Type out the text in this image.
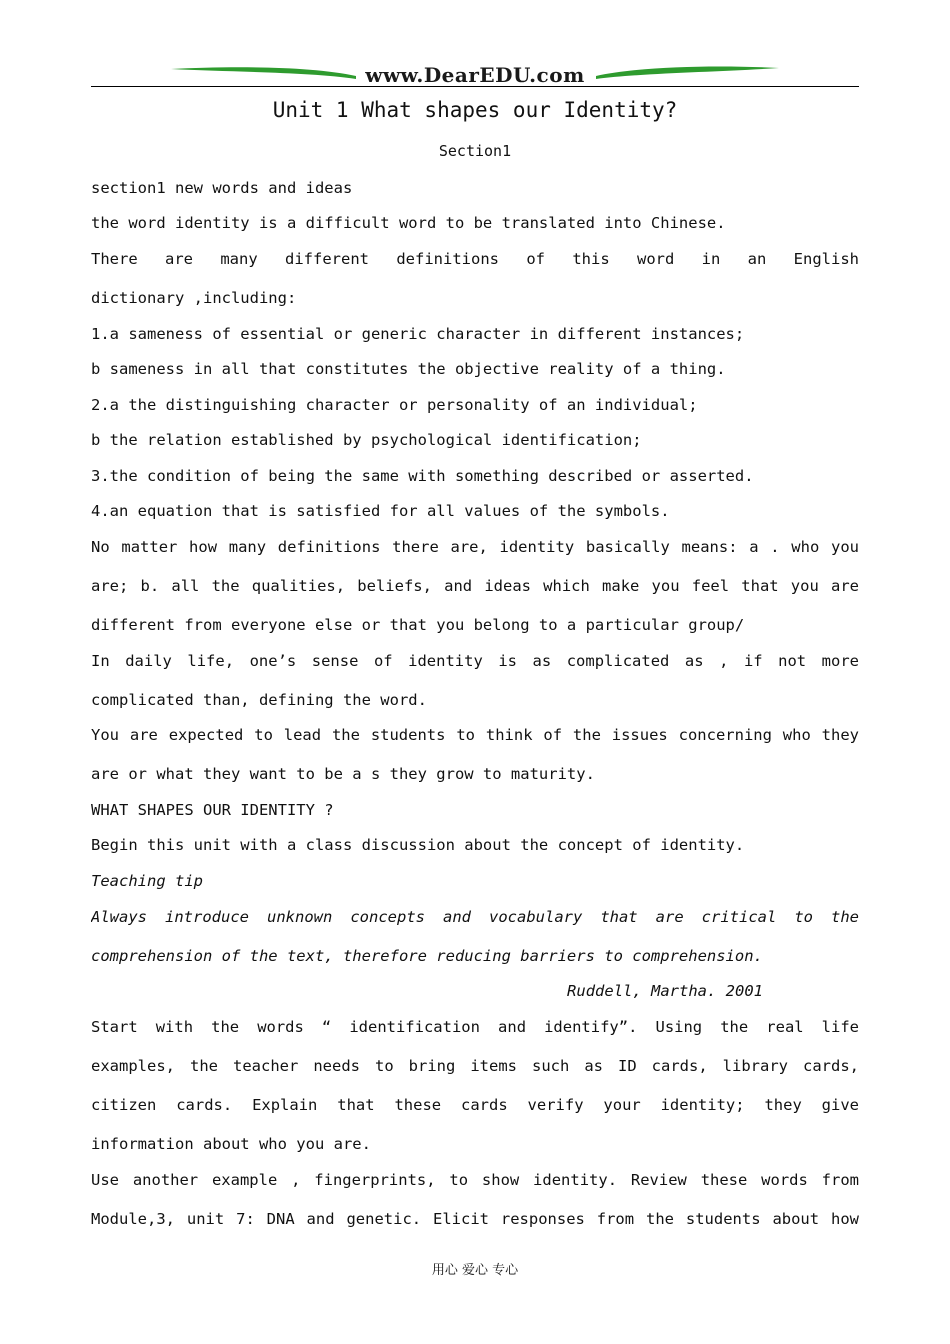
www.DearEDU.com
Unit 1 What shapes our Identity?
Section1
section1 new words and ideas
the word identity is a difficult word to be translated into Chinese.
There are many different definitions of this word in an English
dictionary ,including:
1.a sameness of essential or generic character in different instances;
b sameness in all that constitutes the objective reality of a thing.
2.a the distinguishing character or personality of an individual;
b the relation established by psychological identification;
3.the condition of being the same with something described or asserted.
4.an equation that is satisfied for all values of the symbols.
No matter how many definitions there are, identity basically means: a . who you
are; b. all the qualities, beliefs, and ideas which make you feel that you are
different from everyone else or that you belong to a particular group/
In daily life, one’s sense of identity is as complicated as , if not more
complicated than, defining the word.
You are expected to lead the students to think of the issues concerning who they
are or what they want to be a s they grow to maturity.
WHAT SHAPES OUR IDENTITY ?
Begin this unit with a class discussion about the concept of identity.
Teaching tip
Always introduce unknown concepts and vocabulary that are critical to the
comprehension of the text, therefore reducing barriers to comprehension.
Ruddell, Martha. 2001
Start with the words “ identification and identify”. Using the real life
examples, the teacher needs to bring items such as ID cards, library cards,
citizen cards. Explain that these cards verify your identity; they give
information about who you are.
Use another example , fingerprints, to show identity. Review these words from
Module,3, unit 7: DNA and genetic. Elicit responses from the students about how
用心 爱心 专心
